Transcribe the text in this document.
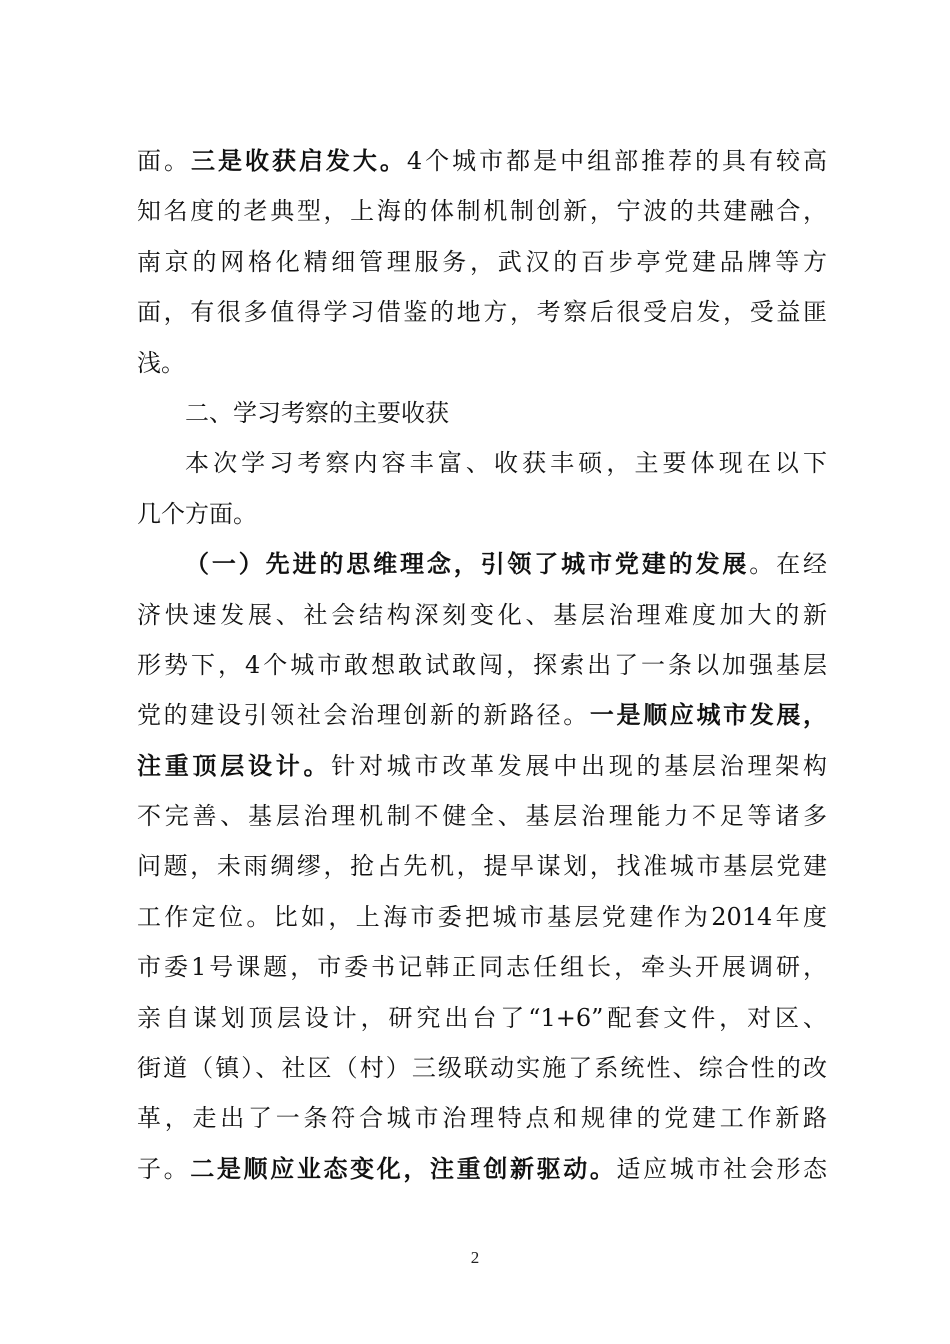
面。三是收获启发大。4个城市都是中组部推荐的具有较高
知名度的老典型，上海的体制机制创新，宁波的共建融合，
南京的网格化精细管理服务，武汉的百步亭党建品牌等方
面，有很多值得学习借鉴的地方，考察后很受启发，受益匪
浅。
二、学习考察的主要收获
本次学习考察内容丰富、收获丰硕，主要体现在以下
几个方面。
（一）先进的思维理念，引领了城市党建的发展。在经
济快速发展、社会结构深刻变化、基层治理难度加大的新
形势下，4个城市敢想敢试敢闯，探索出了一条以加强基层
党的建设引领社会治理创新的新路径。一是顺应城市发展，
注重顶层设计。针对城市改革发展中出现的基层治理架构
不完善、基层治理机制不健全、基层治理能力不足等诸多
问题，未雨绸缪，抢占先机，提早谋划，找准城市基层党建
工作定位。比如，上海市委把城市基层党建作为2014年度
市委1号课题，市委书记韩正同志任组长，牵头开展调研，
亲自谋划顶层设计，研究出台了“1+6”配套文件，对区、
街道（镇）、社区（村）三级联动实施了系统性、综合性的改
革，走出了一条符合城市治理特点和规律的党建工作新路
子。二是顺应业态变化，注重创新驱动。适应城市社会形态
2
